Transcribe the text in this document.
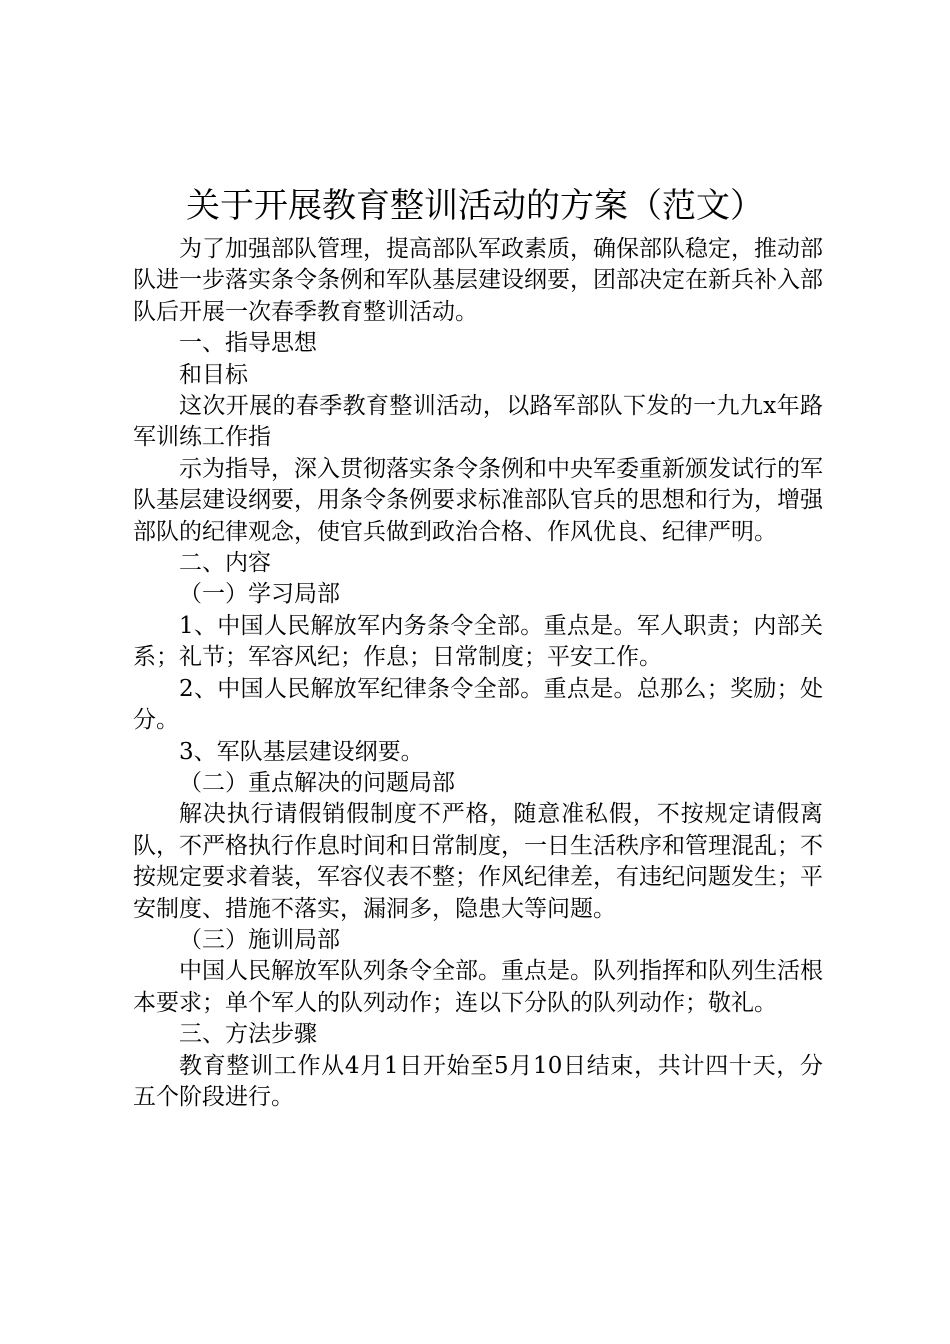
关于开展教育整训活动的方案（范文）

为了加强部队管理，提高部队军政素质，确保部队稳定，推动部队进一步落实条令条例和军队基层建设纲要，团部决定在新兵补入部队后开展一次春季教育整训活动。

一、指导思想

和目标

这次开展的春季教育整训活动，以路军部队下发的一九九x年路军训练工作指

示为指导，深入贯彻落实条令条例和中央军委重新颁发试行的军队基层建设纲要，用条令条例要求标准部队官兵的思想和行为，增强部队的纪律观念，使官兵做到政治合格、作风优良、纪律严明。

二、内容

（一）学习局部

1、中国人民解放军内务条令全部。重点是。军人职责；内部关系；礼节；军容风纪；作息；日常制度；平安工作。

2、中国人民解放军纪律条令全部。重点是。总那么；奖励；处分。

3、军队基层建设纲要。

（二）重点解决的问题局部

解决执行请假销假制度不严格，随意准私假，不按规定请假离队，不严格执行作息时间和日常制度，一日生活秩序和管理混乱；不按规定要求着装，军容仪表不整；作风纪律差，有违纪问题发生；平安制度、措施不落实，漏洞多，隐患大等问题。

（三）施训局部

中国人民解放军队列条令全部。重点是。队列指挥和队列生活根本要求；单个军人的队列动作；连以下分队的队列动作；敬礼。

三、方法步骤

教育整训工作从4月1日开始至5月10日结束，共计四十天，分五个阶段进行。
